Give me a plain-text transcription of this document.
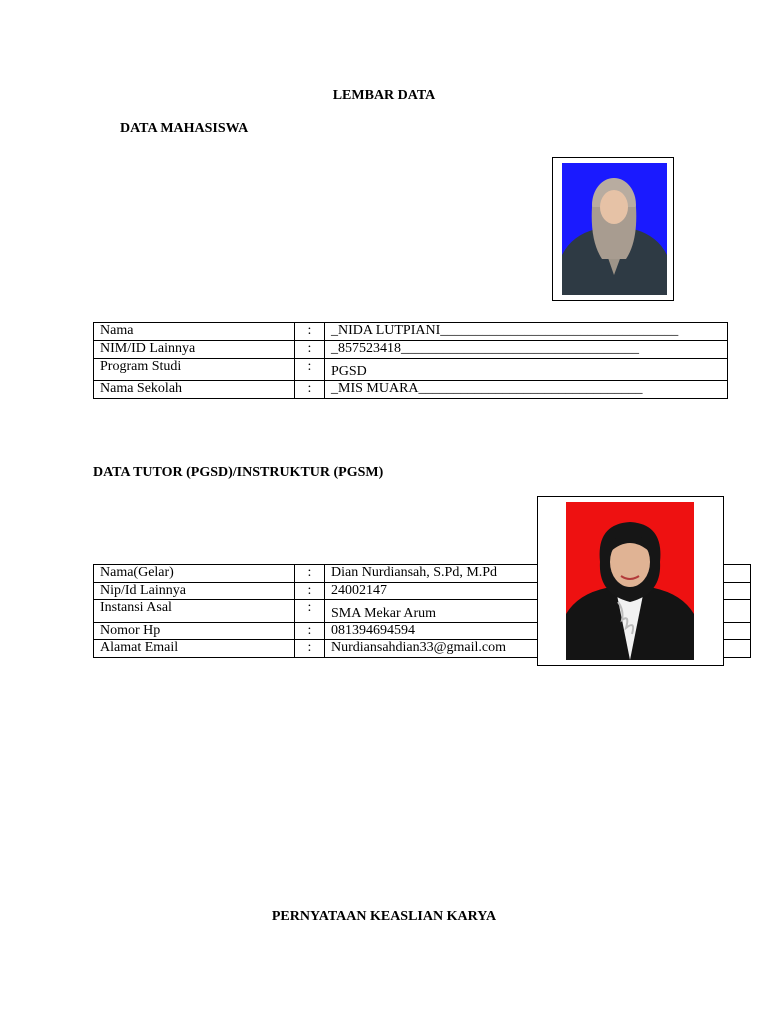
LEMBAR DATA
DATA MAHASISWA
Nama	:	_NIDA LUTPIANI__________________________________
NIM/ID Lainnya	:	_857523418__________________________________
Program Studi	:	PGSD
Nama Sekolah	:	_MIS MUARA________________________________
DATA TUTOR (PGSD)/INSTRUKTUR (PGSM)
Nama(Gelar)	:	Dian Nurdiansah, S.Pd, M.Pd
Nip/Id Lainnya	:	24002147
Instansi Asal	:	SMA Mekar Arum
Nomor Hp	:	081394694594
Alamat Email	:	Nurdiansahdian33@gmail.com
PERNYATAAN KEASLIAN KARYA
